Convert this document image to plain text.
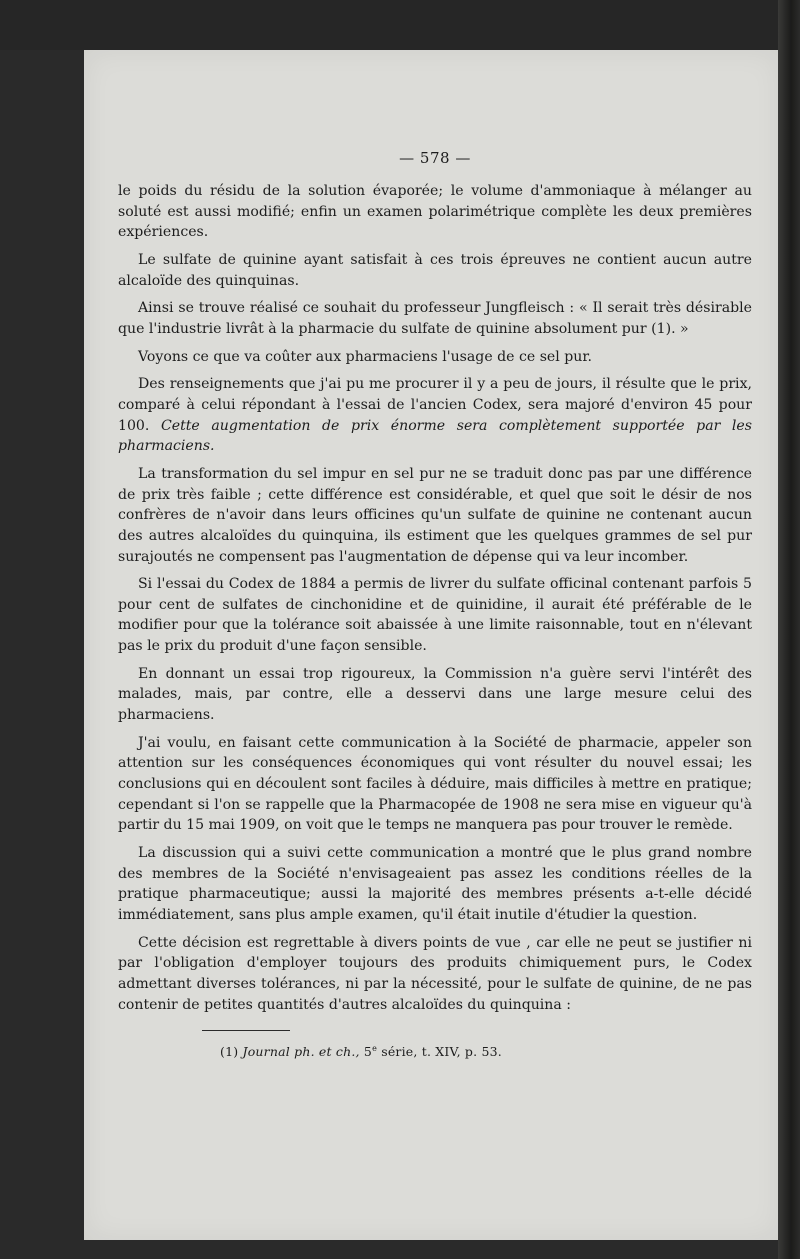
— 578 —

le poids du résidu de la solution évaporée; le volume d'ammoniaque à mélanger au soluté est aussi modifié; enfin un examen polarimétrique complète les deux premières expériences.

Le sulfate de quinine ayant satisfait à ces trois épreuves ne contient aucun autre alcaloïde des quinquinas.

Ainsi se trouve réalisé ce souhait du professeur Jungfleisch : « Il serait très désirable que l'industrie livrât à la pharmacie du sulfate de quinine absolument pur (1). »

Voyons ce que va coûter aux pharmaciens l'usage de ce sel pur.

Des renseignements que j'ai pu me procurer il y a peu de jours, il résulte que le prix, comparé à celui répondant à l'essai de l'ancien Codex, sera majoré d'environ 45 pour 100. Cette augmentation de prix énorme sera complètement supportée par les pharmaciens.

La transformation du sel impur en sel pur ne se traduit donc pas par une différence de prix très faible ; cette différence est considérable, et quel que soit le désir de nos confrères de n'avoir dans leurs officines qu'un sulfate de quinine ne contenant aucun des autres alcaloïdes du quinquina, ils estiment que les quelques grammes de sel pur surajoutés ne compensent pas l'augmentation de dépense qui va leur incomber.

Si l'essai du Codex de 1884 a permis de livrer du sulfate officinal contenant parfois 5 pour cent de sulfates de cinchonidine et de quinidine, il aurait été préférable de le modifier pour que la tolérance soit abaissée à une limite raisonnable, tout en n'élevant pas le prix du produit d'une façon sensible.

En donnant un essai trop rigoureux, la Commission n'a guère servi l'intérêt des malades, mais, par contre, elle a desservi dans une large mesure celui des pharmaciens.

J'ai voulu, en faisant cette communication à la Société de pharmacie, appeler son attention sur les conséquences économiques qui vont résulter du nouvel essai; les conclusions qui en découlent sont faciles à déduire, mais difficiles à mettre en pratique; cependant si l'on se rappelle que la Pharmacopée de 1908 ne sera mise en vigueur qu'à partir du 15 mai 1909, on voit que le temps ne manquera pas pour trouver le remède.

La discussion qui a suivi cette communication a montré que le plus grand nombre des membres de la Société n'envisageaient pas assez les conditions réelles de la pratique pharmaceutique; aussi la majorité des membres présents a-t-elle décidé immédiatement, sans plus ample examen, qu'il était inutile d'étudier la question.

Cette décision est regrettable à divers points de vue , car elle ne peut se justifier ni par l'obligation d'employer toujours des produits chimiquement purs, le Codex admettant diverses tolérances, ni par la nécessité, pour le sulfate de quinine, de ne pas contenir de petites quantités d'autres alcaloïdes du quinquina :

(1) Journal ph. et ch., 5e série, t. XIV, p. 53.
